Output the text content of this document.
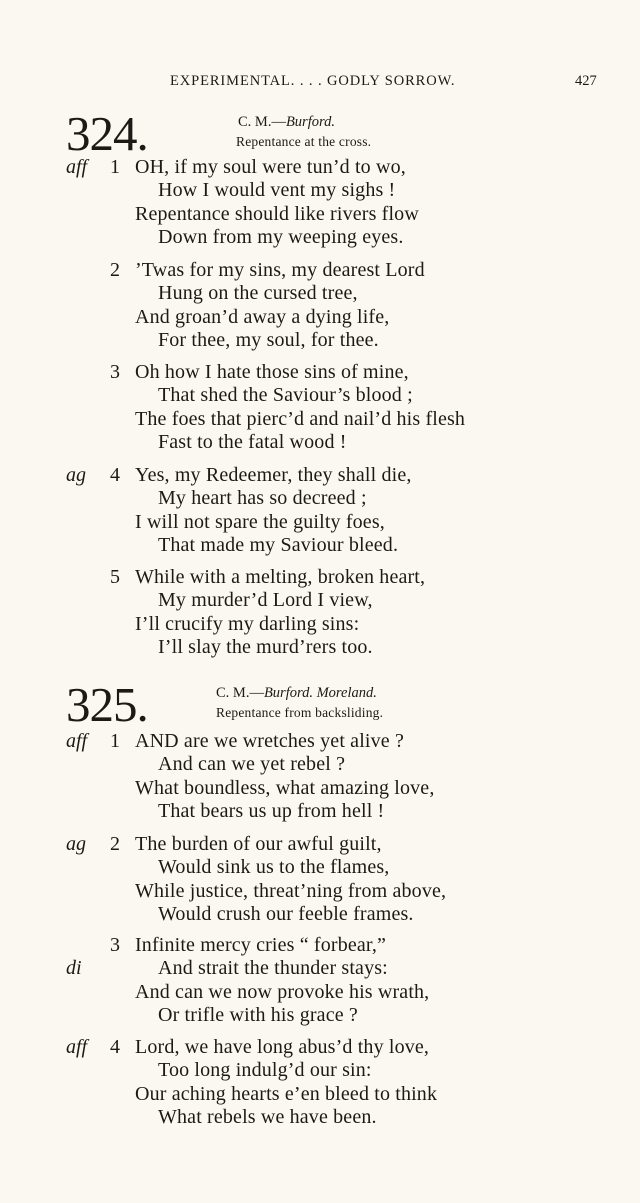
EXPERIMENTAL. . . . GODLY SORROW.	427
324.	C. M.—Burford.
Repentance at the cross.
325.	C. M.—Burford. Moreland.
Repentance from backsliding.
1
aff OH, if my soul were tun’d to wo,
How I would vent my sighs !
Repentance should like rivers flow
Down from my weeping eyes.
2 ’Twas for my sins, my dearest Lord
Hung on the cursed tree,
And groan’d away a dying life,
For thee, my soul, for thee.
3 Oh how I hate those sins of mine,
That shed the Saviour’s blood ;
The foes that pierc’d and nail’d his flesh
Fast to the fatal wood !
4
ag Yes, my Redeemer, they shall die,
My heart has so decreed ;
I will not spare the guilty foes,
That made my Saviour bleed.
5 While with a melting, broken heart,
My murder’d Lord I view,
I’ll crucify my darling sins:
I’ll slay the murd’rers too.
1
aff AND are we wretches yet alive ?
And can we yet rebel ?
What boundless, what amazing love,
That bears us up from hell !
2
ag The burden of our awful guilt,
Would sink us to the flames,
While justice, threat’ning from above,
Would crush our feeble frames.
3
di
Infinite mercy cries “ forbear,”
And strait the thunder stays:
And can we now provoke his wrath,
Or trifle with his grace ?
4
aff Lord, we have long abus’d thy love,
Too long indulg’d our sin:
Our aching hearts e’en bleed to think
What rebels we have been.
